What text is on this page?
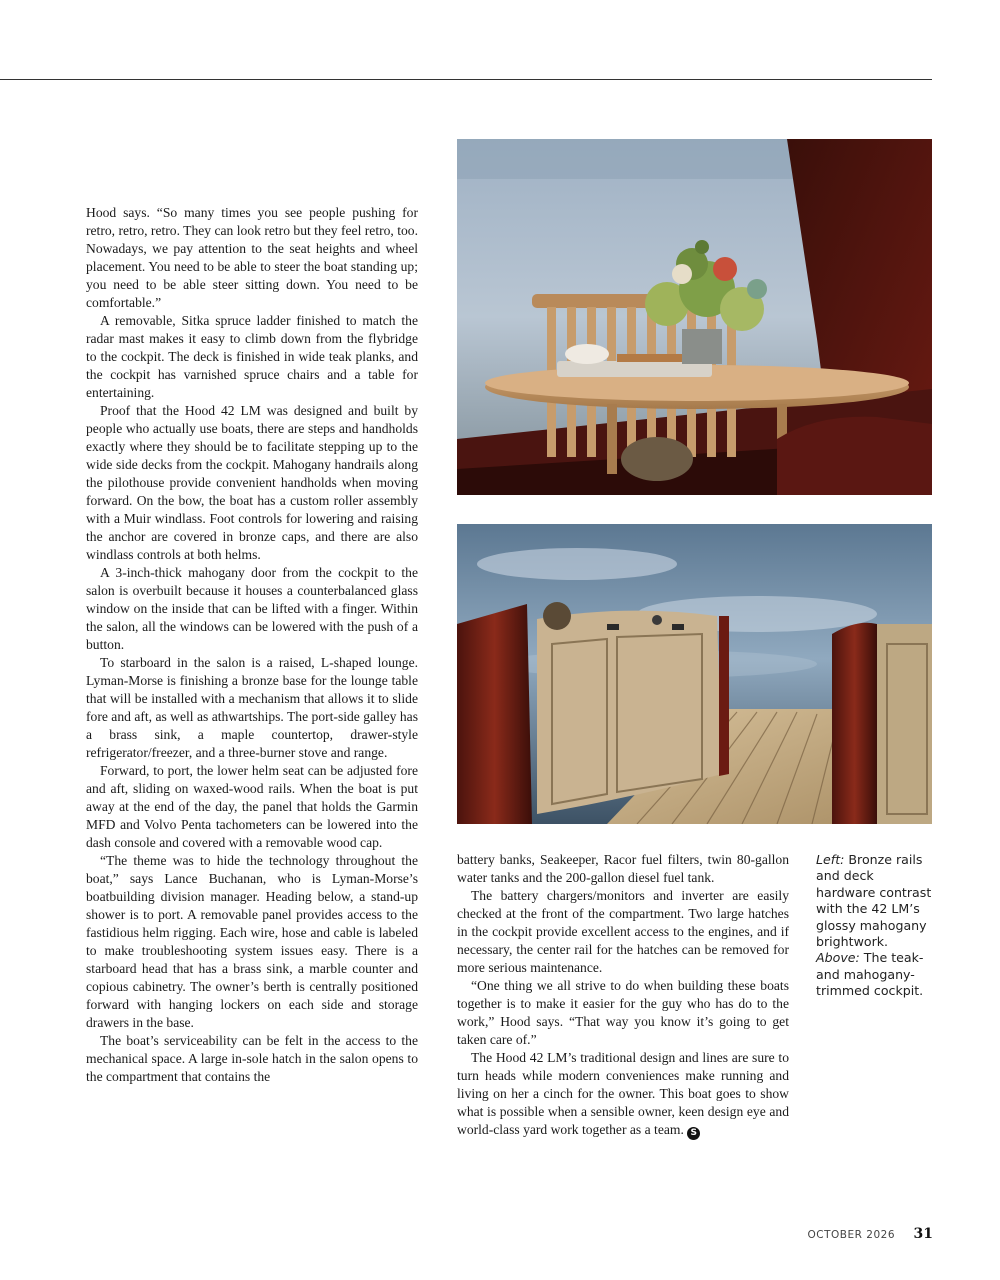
Hood says. “So many times you see people pushing for retro, retro, retro. They can look retro but they feel retro, too. Nowadays, we pay attention to the seat heights and wheel placement. You need to be able to steer the boat standing up; you need to be able steer sitting down. You need to be comfortable.”

A removable, Sitka spruce ladder finished to match the radar mast makes it easy to climb down from the flybridge to the cockpit. The deck is finished in wide teak planks, and the cockpit has varnished spruce chairs and a table for entertaining.

Proof that the Hood 42 LM was designed and built by people who actually use boats, there are steps and handholds exactly where they should be to facilitate stepping up to the wide side decks from the cockpit. Mahogany handrails along the pilothouse provide convenient handholds when moving forward. On the bow, the boat has a custom roller assembly with a Muir windlass. Foot controls for lowering and raising the anchor are covered in bronze caps, and there are also windlass controls at both helms.

A 3-inch-thick mahogany door from the cockpit to the salon is overbuilt because it houses a counterbalanced glass window on the inside that can be lifted with a finger. Within the salon, all the windows can be lowered with the push of a button.

To starboard in the salon is a raised, L-shaped lounge. Lyman-Morse is finishing a bronze base for the lounge table that will be installed with a mechanism that allows it to slide fore and aft, as well as athwartships. The port-side galley has a brass sink, a maple countertop, drawer-style refrigerator/freezer, and a three-burner stove and range.

Forward, to port, the lower helm seat can be adjusted fore and aft, sliding on waxed-wood rails. When the boat is put away at the end of the day, the panel that holds the Garmin MFD and Volvo Penta tachometers can be lowered into the dash console and covered with a removable wood cap.

“The theme was to hide the technology throughout the boat,” says Lance Buchanan, who is Lyman-Morse’s boatbuilding division manager. Heading below, a stand-up shower is to port. A removable panel provides access to the fastidious helm rigging. Each wire, hose and cable is labeled to make troubleshooting system issues easy. There is a starboard head that has a brass sink, a marble counter and copious cabinetry. The owner’s berth is centrally positioned forward with hanging lockers on each side and storage drawers in the base.

The boat’s serviceability can be felt in the access to the mechanical space. A large in-sole hatch in the salon opens to the compartment that contains the

battery banks, Seakeeper, Racor fuel filters, twin 80-gallon water tanks and the 200-gallon diesel fuel tank.

The battery chargers/monitors and inverter are easily checked at the front of the compartment. Two large hatches in the cockpit provide excellent access to the engines, and if necessary, the center rail for the hatches can be removed for more serious maintenance.

“One thing we all strive to do when building these boats together is to make it easier for the guy who has do to the work,” Hood says. “That way you know it’s going to get taken care of.”

The Hood 42 LM’s traditional design and lines are sure to turn heads while modern conveniences make running and living on her a cinch for the owner. This boat goes to show what is possible when a sensible owner, keen design eye and world-class yard work together as a team. S

Left: Bronze rails and deck hardware contrast with the 42 LM’s glossy mahogany brightwork.
Above: The teak- and mahogany-trimmed cockpit.
OCTOBER 2026 31
